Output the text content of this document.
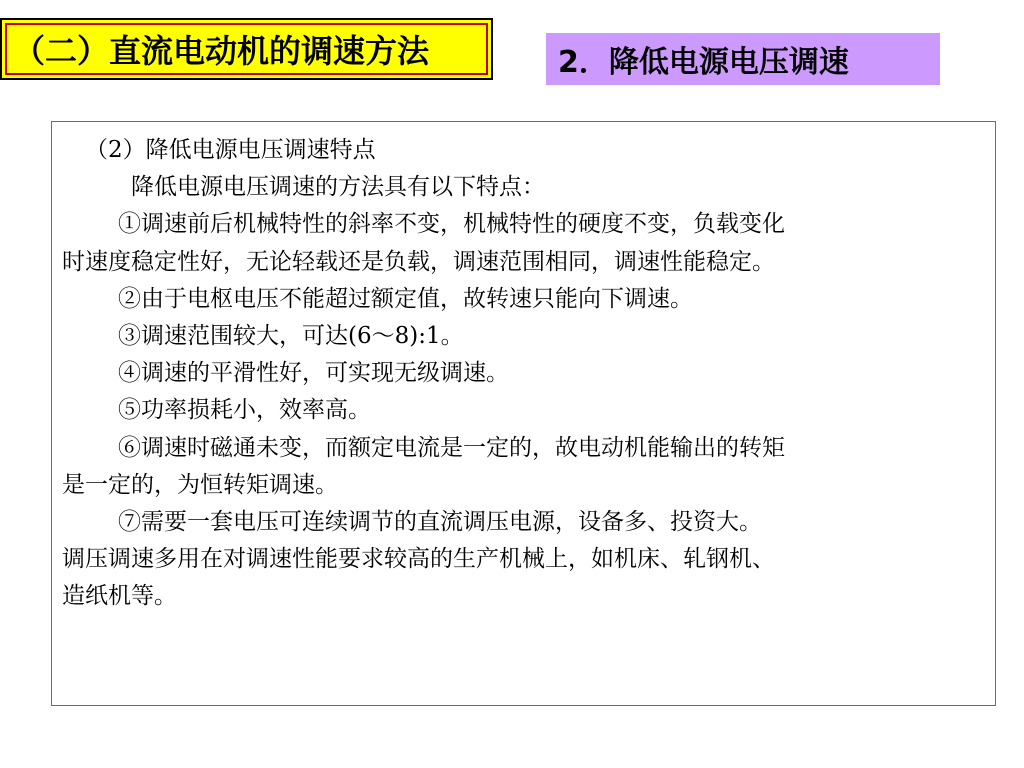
（二）直流电动机的调速方法	2．降低电源电压调速

（2）降低电源电压调速特点

降低电源电压调速的方法具有以下特点：

①调速前后机械特性的斜率不变，机械特性的硬度不变，负载变化

时速度稳定性好，无论轻载还是负载，调速范围相同，调速性能稳定。

②由于电枢电压不能超过额定值，故转速只能向下调速。

③调速范围较大，可达(6～8):1。

④调速的平滑性好，可实现无级调速。

⑤功率损耗小，效率高。

⑥调速时磁通未变，而额定电流是一定的，故电动机能输出的转矩

是一定的，为恒转矩调速。

⑦需要一套电压可连续调节的直流调压电源，设备多、投资大。

调压调速多用在对调速性能要求较高的生产机械上，如机床、轧钢机、

造纸机等。
